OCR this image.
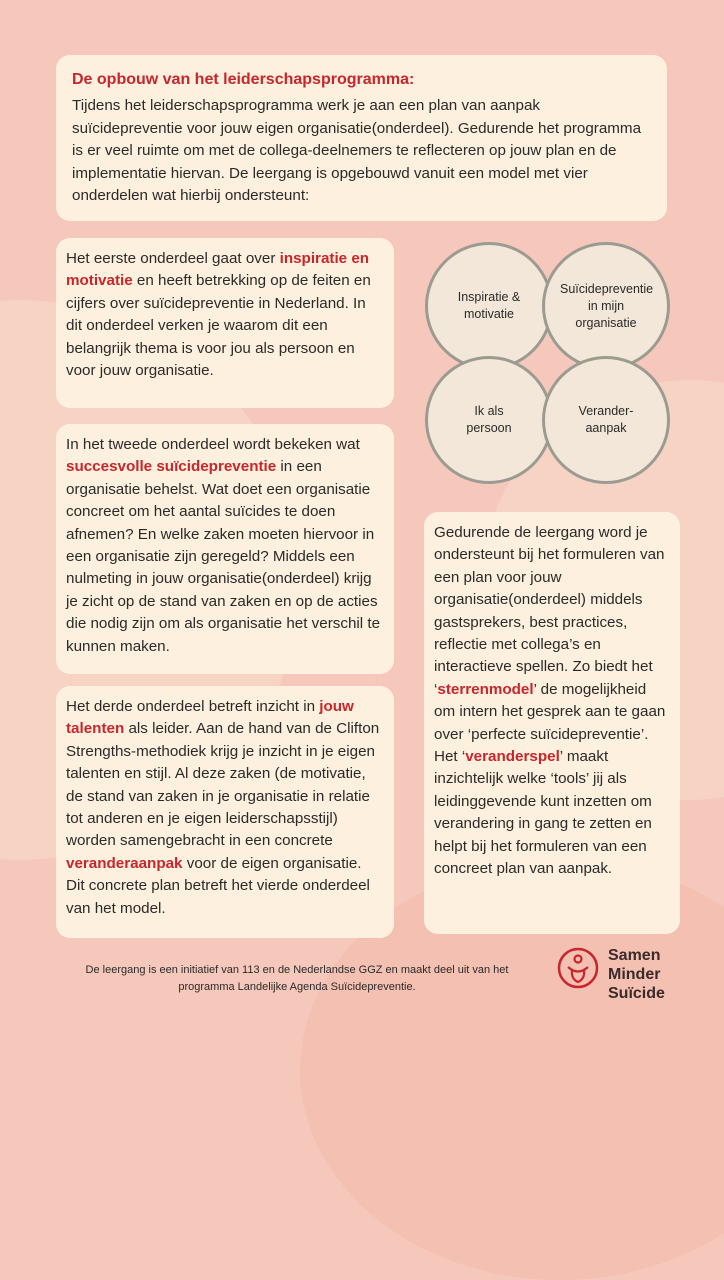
De opbouw van het leiderschapsprogramma:
Tijdens het leiderschapsprogramma werk je aan een plan van aanpak suïcidepreventie voor jouw eigen organisatie(onderdeel). Gedurende het programma is er veel ruimte om met de collega-deelnemers te reflecteren op jouw plan en de implementatie hiervan. De leergang is opgebouwd vanuit een model met vier onderdelen wat hierbij ondersteunt:
Het eerste onderdeel gaat over inspiratie en motivatie en heeft betrekking op de feiten en cijfers over suïcidepreventie in Nederland. In dit onderdeel verken je waarom dit een belangrijk thema is voor jou als persoon en voor jouw organisatie.
In het tweede onderdeel wordt bekeken wat succesvolle suïcidepreventie in een organisatie behelst. Wat doet een organisatie concreet om het aantal suïcides te doen afnemen? En welke zaken moeten hiervoor in een organisatie zijn geregeld? Middels een nulmeting in jouw organisatie(onderdeel) krijg je zicht op de stand van zaken en op de acties die nodig zijn om als organisatie het verschil te kunnen maken.
Het derde onderdeel betreft inzicht in jouw talenten als leider. Aan de hand van de Clifton Strengths-methodiek krijg je inzicht in je eigen talenten en stijl. Al deze zaken (de motivatie, de stand van zaken in je organisatie in relatie tot anderen en je eigen leiderschapsstijl) worden samengebracht in een concrete veranderaanpak voor de eigen organisatie. Dit concrete plan betreft het vierde onderdeel van het model.
Gedurende de leergang word je ondersteunt bij het formuleren van een plan voor jouw organisatie(onderdeel) middels gastsprekers, best practices, reflectie met collega’s en interactieve spellen. Zo biedt het ‘sterrenmodel’ de mogelijkheid om intern het gesprek aan te gaan over ‘perfecte suïcidepreventie’. Het ‘veranderspel’ maakt inzichtelijk welke ‘tools’ jij als leidinggevende kunt inzetten om verandering in gang te zetten en helpt bij het formuleren van een concreet plan van aanpak.
Inspiratie & motivatie
Suïcidepreventie in mijn organisatie
Ik als persoon
Verander-aanpak
De leergang is een initiatief van 113 en de Nederlandse GGZ en maakt deel uit van het programma Landelijke Agenda Suïcidepreventie.
Samen
Minder
Suïcide
